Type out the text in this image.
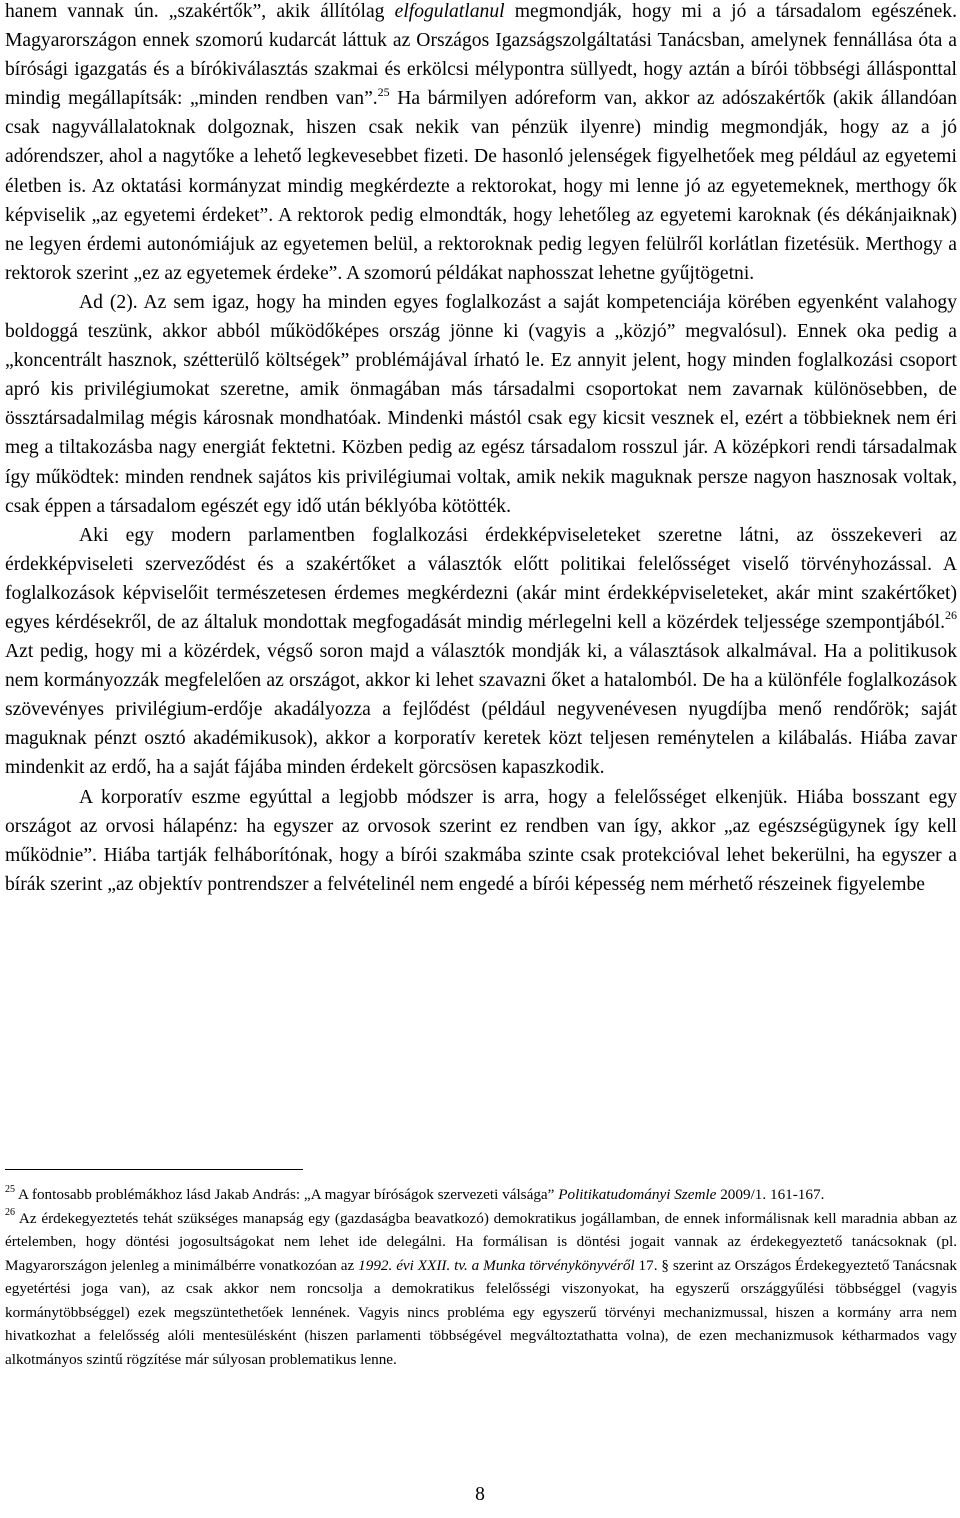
hanem vannak ún. „szakértők”, akik állítólag elfogulatlanul megmondják, hogy mi a jó a társadalom egészének. Magyarországon ennek szomorú kudarcát láttuk az Országos Igazságszolgáltatási Tanácsban, amelynek fennállása óta a bírósági igazgatás és a bírókiválasztás szakmai és erkölcsi mélypontra süllyedt, hogy aztán a bírói többségi állásponttal mindig megállapítsák: „minden rendben van”.$^{25}$ Ha bármilyen adóreform van, akkor az adószakértők (akik állandóan csak nagyvállalatoknak dolgoznak, hiszen csak nekik van pénzük ilyenre) mindig megmondják, hogy az a jó adórendszer, ahol a nagytőke a lehető legkevesebbet fizeti. De hasonló jelenségek figyelhetőek meg például az egyetemi életben is. Az oktatási kormányzat mindig megkérdezte a rektorokat, hogy mi lenne jó az egyetemeknek, merthogy ők képviselik „az egyetemi érdeket”. A rektorok pedig elmondták, hogy lehetőleg az egyetemi karoknak (és dékánjaiknak) ne legyen érdemi autonómiájuk az egyetemen belül, a rektoroknak pedig legyen felülről korlátlan fizetésük. Merthogy a rektorok szerint „ez az egyetemek érdeke”. A szomorú példákat naphosszat lehetne gyűjtögetni.

Ad (2). Az sem igaz, hogy ha minden egyes foglalkozást a saját kompetenciája körében egyenként valahogy boldoggá teszünk, akkor abból működőképes ország jönne ki (vagyis a „közjó” megvalósul). Ennek oka pedig a „koncentrált hasznok, szétterülő költségek” problémájával írható le. Ez annyit jelent, hogy minden foglalkozási csoport apró kis privilégiumokat szeretne, amik önmagában más társadalmi csoportokat nem zavarnak különösebben, de össztársadalmilag mégis károsnak mondhatóak. Mindenki mástól csak egy kicsit vesznek el, ezért a többieknek nem éri meg a tiltakozásba nagy energiát fektetni. Közben pedig az egész társadalom rosszul jár. A középkori rendi társadalmak így működtek: minden rendnek sajátos kis privilégiumai voltak, amik nekik maguknak persze nagyon hasznosak voltak, csak éppen a társadalom egészét egy idő után béklyóba kötötték.

Aki egy modern parlamentben foglalkozási érdekképviseleteket szeretne látni, az összekeveri az érdekképviseleti szerveződést és a szakértőket a választók előtt politikai felelősséget viselő törvényhozással. A foglalkozások képviselőit természetesen érdemes megkérdezni (akár mint érdekképviseleteket, akár mint szakértőket) egyes kérdésekről, de az általuk mondottak megfogadását mindig mérlegelni kell a közérdek teljessége szempontjából.$^{26}$ Azt pedig, hogy mi a közérdek, végső soron majd a választók mondják ki, a választások alkalmával. Ha a politikusok nem kormányozzák megfelelően az országot, akkor ki lehet szavazni őket a hatalomból. De ha a különféle foglalkozások szövevényes privilégium-erdője akadályozza a fejlődést (például negyvenévesen nyugdíjba menő rendőrök; saját maguknak pénzt osztó akadémikusok), akkor a korporatív keretek közt teljesen reménytelen a kilábalás. Hiába zavar mindenkit az erdő, ha a saját fájába minden érdekelt görcsösen kapaszkodik.

A korporatív eszme egyúttal a legjobb módszer is arra, hogy a felelősséget elkenjük. Hiába bosszant egy országot az orvosi hálapénz: ha egyszer az orvosok szerint ez rendben van így, akkor „az egészségügynek így kell működnie”. Hiába tartják felháborítónak, hogy a bírói szakmába szinte csak protekcióval lehet bekerülni, ha egyszer a bírák szerint „az objektív pontrendszer a felvételinél nem engedé a bírói képesség nem mérhető részeinek figyelembe

$^{25}$ A fontosabb problémákhoz lásd Jakab András: „A magyar bíróságok szervezeti válsága” Politikatudományi Szemle 2009/1. 161-167.

$^{26}$ Az érdekegyeztetés tehát szükséges manapság egy (gazdaságba beavatkozó) demokratikus jogállamban, de ennek informálisnak kell maradnia abban az értelemben, hogy döntési jogosultságokat nem lehet ide delegálni. Ha formálisan is döntési jogait vannak az érdekegyeztető tanácsoknak (pl. Magyarországon jelenleg a minimálbérre vonatkozóan az 1992. évi XXII. tv. a Munka törvénykönyvéről 17. § szerint az Országos Érdekegyeztető Tanácsnak egyetértési joga van), az csak akkor nem roncsolja a demokratikus felelősségi viszonyokat, ha egyszerű országgyűlési többséggel (vagyis kormánytöbbséggel) ezek megszüntethetőek lennének. Vagyis nincs probléma egy egyszerű törvényi mechanizmussal, hiszen a kormány arra nem hivatkozhat a felelősség alóli mentesülésként (hiszen parlamenti többségével megváltoztathatta volna), de ezen mechanizmusok kétharmados vagy alkotmányos szintű rögzítése már súlyosan problematikus lenne.

8
